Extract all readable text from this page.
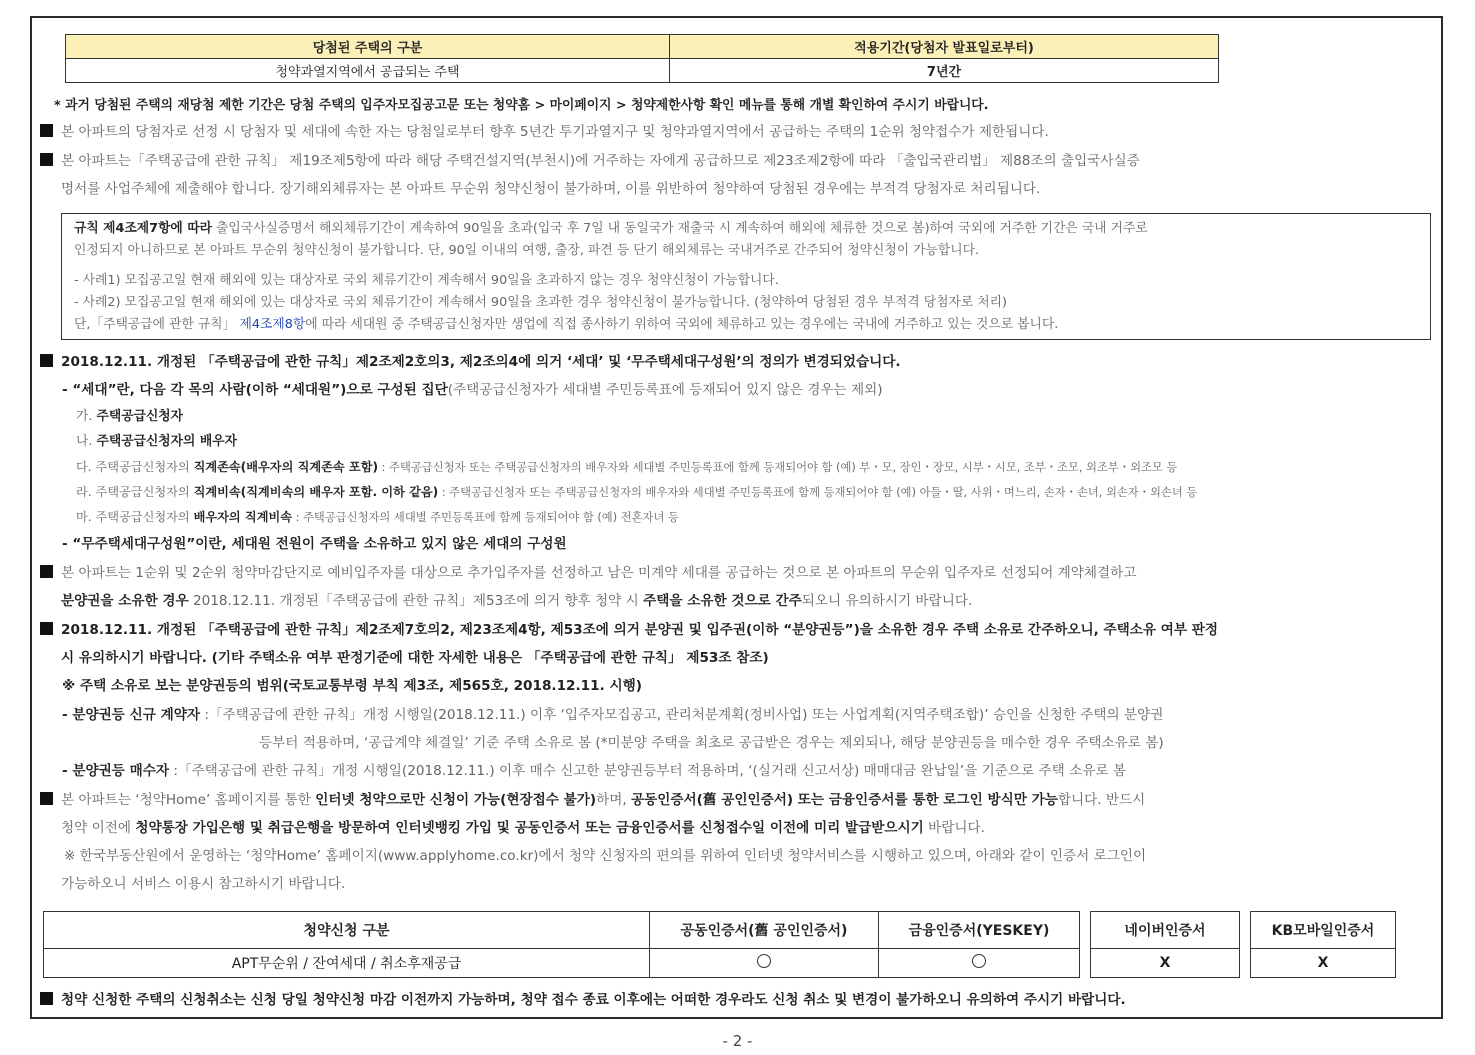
당첨된 주택의 구분	적용기간(당첨자 발표일로부터)
청약과열지역에서 공급되는 주택	7년간
* 과거 당첨된 주택의 재당첨 제한 기간은 당첨 주택의 입주자모집공고문 또는 청약홈 > 마이페이지 > 청약제한사항 확인 메뉴를 통해 개별 확인하여 주시기 바랍니다.
본 아파트의 당첨자로 선정 시 당첨자 및 세대에 속한 자는 당첨일로부터 향후 5년간 투기과열지구 및 청약과열지역에서 공급하는 주택의 1순위 청약접수가 제한됩니다.
본 아파트는「주택공급에 관한 규칙」 제19조제5항에 따라 해당 주택건설지역(부천시)에 거주하는 자에게 공급하므로 제23조제2항에 따라 「출입국관리법」 제88조의 출입국사실증
명서를 사업주체에 제출해야 합니다. 장기해외체류자는 본 아파트 무순위 청약신청이 불가하며, 이를 위반하여 청약하여 당첨된 경우에는 부적격 당첨자로 처리됩니다.
규칙 제4조제7항에 따라 출입국사실증명서 해외체류기간이 계속하여 90일을 초과(입국 후 7일 내 동일국가 재출국 시 계속하여 해외에 체류한 것으로 봄)하여 국외에 거주한 기간은 국내 거주로
인정되지 아니하므로 본 아파트 무순위 청약신청이 불가합니다. 단, 90일 이내의 여행, 출장, 파견 등 단기 해외체류는 국내거주로 간주되어 청약신청이 가능합니다.
- 사례1) 모집공고일 현재 해외에 있는 대상자로 국외 체류기간이 계속해서 90일을 초과하지 않는 경우 청약신청이 가능합니다.
- 사례2) 모집공고일 현재 해외에 있는 대상자로 국외 체류기간이 계속해서 90일을 초과한 경우 청약신청이 불가능합니다. (청약하여 당첨된 경우 부적격 당첨자로 처리)
단,「주택공급에 관한 규칙」 제4조제8항에 따라 세대원 중 주택공급신청자만 생업에 직접 종사하기 위하여 국외에 체류하고 있는 경우에는 국내에 거주하고 있는 것으로 봅니다.
2018.12.11. 개정된 「주택공급에 관한 규칙」제2조제2호의3, 제2조의4에 의거 ‘세대’ 및 ‘무주택세대구성원’의 정의가 변경되었습니다.
- “세대”란, 다음 각 목의 사람(이하 “세대원”)으로 구성된 집단(주택공급신청자가 세대별 주민등록표에 등재되어 있지 않은 경우는 제외)
가. 주택공급신청자
나. 주택공급신청자의 배우자
다. 주택공급신청자의 직계존속(배우자의 직계존속 포함) : 주택공급신청자 또는 주택공급신청자의 배우자와 세대별 주민등록표에 함께 등재되어야 함 (예) 부・모, 장인・장모, 시부・시모, 조부・조모, 외조부・외조모 등
라. 주택공급신청자의 직계비속(직계비속의 배우자 포함. 이하 같음) : 주택공급신청자 또는 주택공급신청자의 배우자와 세대별 주민등록표에 함께 등재되어야 함 (예) 아들・딸, 사위・며느리, 손자・손녀, 외손자・외손녀 등
마. 주택공급신청자의 배우자의 직계비속 : 주택공급신청자의 세대별 주민등록표에 함께 등재되어야 함 (예) 전혼자녀 등
- “무주택세대구성원”이란, 세대원 전원이 주택을 소유하고 있지 않은 세대의 구성원
본 아파트는 1순위 및 2순위 청약마감단지로 예비입주자를 대상으로 추가입주자를 선정하고 남은 미계약 세대를 공급하는 것으로 본 아파트의 무순위 입주자로 선정되어 계약체결하고
분양권을 소유한 경우 2018.12.11. 개정된「주택공급에 관한 규칙」제53조에 의거 향후 청약 시 주택을 소유한 것으로 간주되오니 유의하시기 바랍니다.
2018.12.11. 개정된 「주택공급에 관한 규칙」제2조제7호의2, 제23조제4항, 제53조에 의거 분양권 및 입주권(이하 “분양권등”)을 소유한 경우 주택 소유로 간주하오니, 주택소유 여부 판정
시 유의하시기 바랍니다. (기타 주택소유 여부 판정기준에 대한 자세한 내용은 「주택공급에 관한 규칙」 제53조 참조)
※ 주택 소유로 보는 분양권등의 범위(국토교통부령 부칙 제3조, 제565호, 2018.12.11. 시행)
- 분양권등 신규 계약자 :「주택공급에 관한 규칙」개정 시행일(2018.12.11.) 이후 ‘입주자모집공고, 관리처분계획(정비사업) 또는 사업계획(지역주택조합)’ 승인을 신청한 주택의 분양권
등부터 적용하며, ‘공급계약 체결일’ 기준 주택 소유로 봄 (*미분양 주택을 최초로 공급받은 경우는 제외되나, 해당 분양권등을 매수한 경우 주택소유로 봄)
- 분양권등 매수자 :「주택공급에 관한 규칙」개정 시행일(2018.12.11.) 이후 매수 신고한 분양권등부터 적용하며, ‘(실거래 신고서상) 매매대금 완납일’을 기준으로 주택 소유로 봄
본 아파트는 ‘청약Home’ 홈페이지를 통한 인터넷 청약으로만 신청이 가능(현장접수 불가)하며, 공동인증서(舊 공인인증서) 또는 금융인증서를 통한 로그인 방식만 가능합니다. 반드시
청약 이전에 청약통장 가입은행 및 취급은행을 방문하여 인터넷뱅킹 가입 및 공동인증서 또는 금융인증서를 신청접수일 이전에 미리 발급받으시기 바랍니다.
※ 한국부동산원에서 운영하는 ‘청약Home’ 홈페이지(www.applyhome.co.kr)에서 청약 신청자의 편의를 위하여 인터넷 청약서비스를 시행하고 있으며, 아래와 같이 인증서 로그인이
가능하오니 서비스 이용시 참고하시기 바랍니다.
청약신청 구분	공동인증서(舊 공인인증서)	금융인증서(YESKEY)		네이버인증서		KB모바일인증서
APT무순위 / 잔여세대 / 취소후재공급				X		X
청약 신청한 주택의 신청취소는 신청 당일 청약신청 마감 이전까지 가능하며, 청약 접수 종료 이후에는 어떠한 경우라도 신청 취소 및 변경이 불가하오니 유의하여 주시기 바랍니다.
- 2 -
